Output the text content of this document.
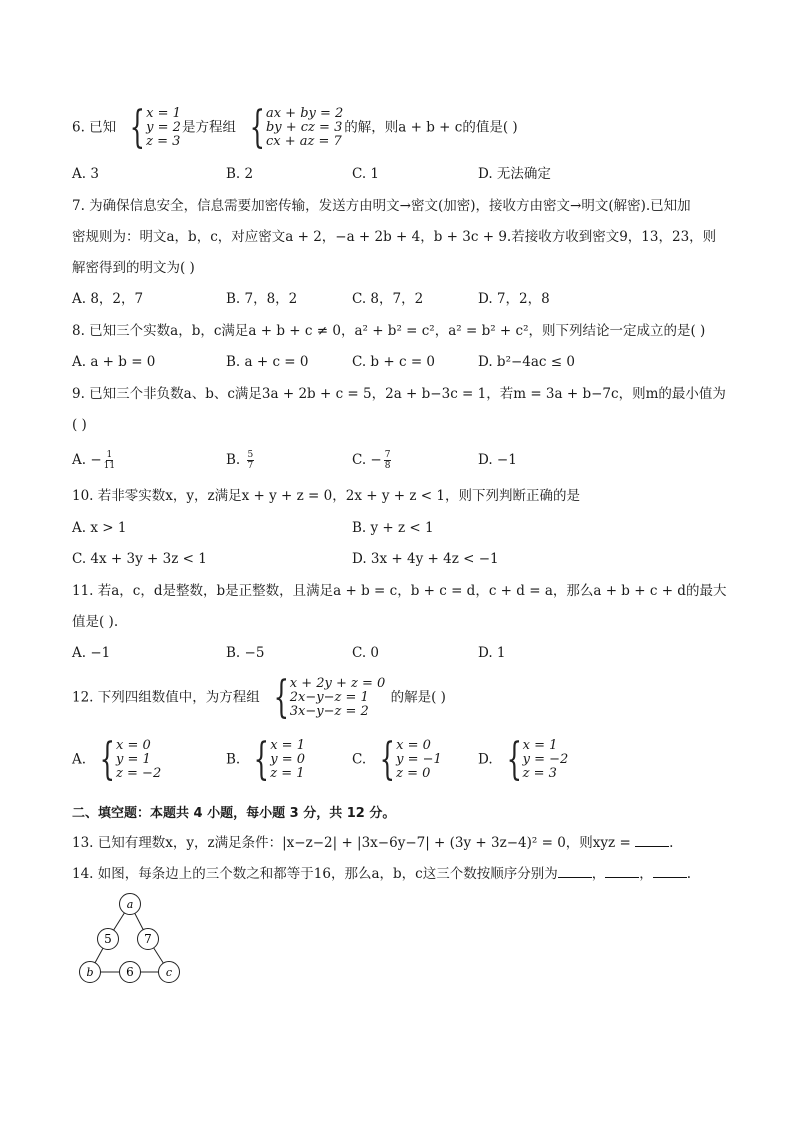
6. 已知 { x = 1
y = 2
z = 3
是方程组 { ax + by = 2
by + cz = 3
cx + az = 7
的解，则a + b + c的值是( )
A. 3	B. 2	C. 1	D. 无法确定
7. 为确保信息安全，信息需要加密传输，发送方由明文→密文(加密)，接收方由密文→明文(解密).已知加
密规则为：明文a，b，c，对应密文a + 2，−a + 2b + 4，b + 3c + 9.若接收方收到密文9，13，23，则
解密得到的明文为( )
A. 8，2，7	B. 7，8，2	C. 8，7，2	D. 7，2，8
8. 已知三个实数a，b，c满足a + b + c ≠ 0，a² + b² = c²，a² = b² + c²，则下列结论一定成立的是( )
A. a + b = 0	B. a + c = 0	C. b + c = 0	D. b²−4ac ≤ 0
9. 已知三个非负数a、b、c满足3a + 2b + c = 5，2a + b−3c = 1，若m = 3a + b−7c，则m的最小值为
( )
A. − $\frac{1}{11}$	B. $\frac{5}{7}$	C. − $\frac{7}{8}$	D. −1
10. 若非零实数x，y，z满足x + y + z = 0，2x + y + z < 1，则下列判断正确的是
A. x > 1	B. y + z < 1
C. 4x + 3y + 3z < 1	D. 3x + 4y + 4z < −1
11. 若a，c，d是整数，b是正整数，且满足a + b = c，b + c = d，c + d = a，那么a + b + c + d的最大
值是( ).
A. −1	B. −5	C. 0	D. 1
12. 下列四组数值中，为方程组 { x + 2y + z = 0
2x−y−z = 1
3x−y−z = 2
的解是( )
A. { x = 0
y = 1
z = −2
B. { x = 1
y = 0
z = 1
C. { x = 0
y = −1
z = 0
D. { x = 1
y = −2
z = 3
二、填空题：本题共 4 小题，每小题 3 分，共 12 分。
13. 已知有理数x，y，z满足条件：|x−z−2| + |3x−6y−7| + (3y + 3z−4)² = 0，则xyz =	.
14. 如图，每条边上的三个数之和都等于16，那么a，b，c这三个数按顺序分别为	，	，	.
a
5	7
b	6	c
